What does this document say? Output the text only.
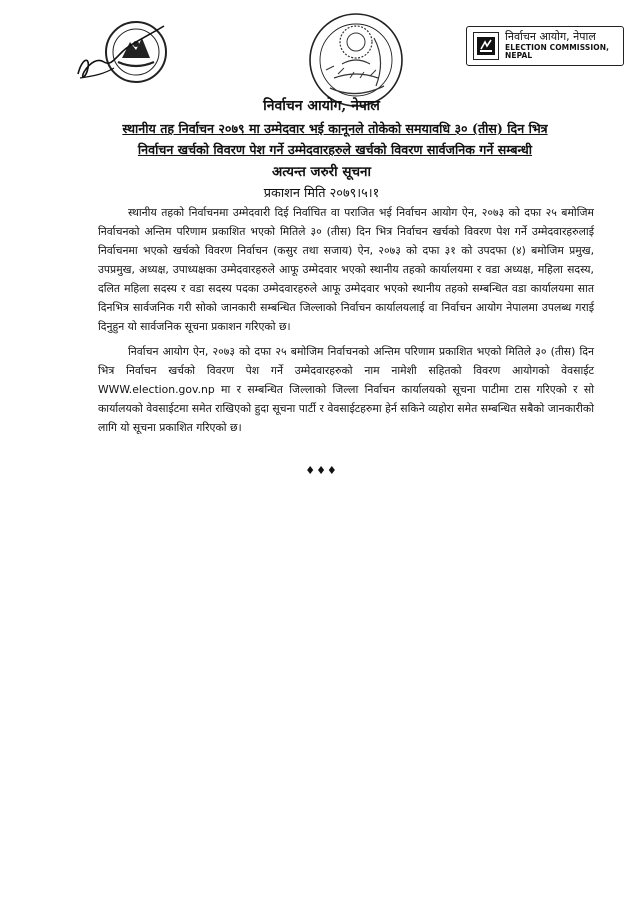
निर्वाचन आयोग, नेपाल
ELECTION COMMISSION, NEPAL
निर्वाचन आयोग, नेपाल
स्थानीय तह निर्वाचन २०७९ मा उम्मेदवार भई कानूनले तोकेको समयावधि ३० (तीस) दिन भित्र
निर्वाचन खर्चको विवरण पेश गर्ने उम्मेदवारहरुले खर्चको विवरण सार्वजनिक गर्ने सम्बन्धी
अत्यन्त जरुरी सूचना
प्रकाशन मिति २०७९।५।१

स्थानीय तहको निर्वाचनमा उम्मेदवारी दिई निर्वाचित वा पराजित भई निर्वाचन आयोग ऐन, २०७३ को दफा २५ बमोजिम निर्वाचनको अन्तिम परिणाम प्रकाशित भएको मितिले ३० (तीस) दिन भित्र निर्वाचन खर्चको विवरण पेश गर्ने उम्मेदवारहरुलाई निर्वाचनमा भएको खर्चको विवरण निर्वाचन (कसुर तथा सजाय) ऐन, २०७३ को दफा ३१ को उपदफा (४) बमोजिम प्रमुख, उपप्रमुख, अध्यक्ष, उपाध्यक्षका उम्मेदवारहरुले आफू उम्मेदवार भएको स्थानीय तहको कार्यालयमा र वडा अध्यक्ष, महिला सदस्य, दलित महिला सदस्य र वडा सदस्य पदका उम्मेदवारहरुले आफू उम्मेदवार भएको स्थानीय तहको सम्बन्धित वडा कार्यालयमा सात दिनभित्र सार्वजनिक गरी सोको जानकारी सम्बन्धित जिल्लाको निर्वाचन कार्यालयलाई वा निर्वाचन आयोग नेपालमा उपलब्ध गराई दिनुहुन यो सार्वजनिक सूचना प्रकाशन गरिएको छ।

निर्वाचन आयोग ऐन, २०७३ को दफा २५ बमोजिम निर्वाचनको अन्तिम परिणाम प्रकाशित भएको मितिले ३० (तीस) दिन भित्र निर्वाचन खर्चको विवरण पेश गर्ने उम्मेदवारहरुको नाम नामेशी सहितको विवरण आयोगको वेवसाईट WWW.election.gov.np मा र सम्बन्धित जिल्लाको जिल्ला निर्वाचन कार्यालयको सूचना पाटीमा टास गरिएको र सो कार्यालयको वेवसाईटमा समेत राखिएको हुदा सूचना पार्टी र वेवसाईटहरुमा हेर्न सकिने व्यहोरा समेत सम्बन्धित सबैको जानकारीको लागि यो सूचना प्रकाशित गरिएको छ।

♦♦♦
